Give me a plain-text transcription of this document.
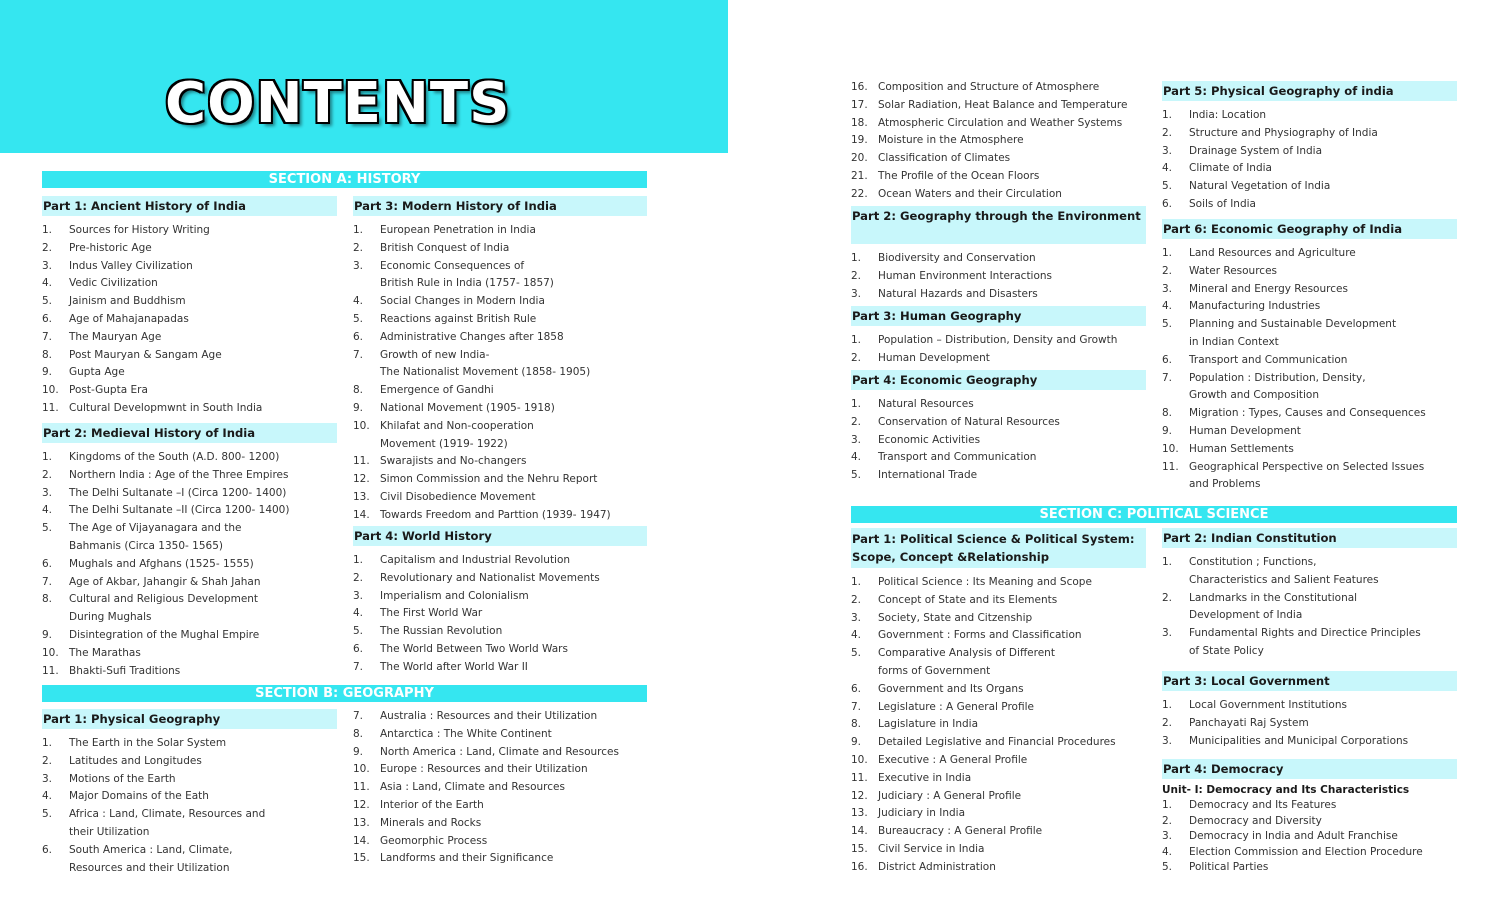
CONTENTS
SECTION A: HISTORY
Part 1: Ancient History of India
1.	Sources for History Writing
2.	Pre-historic Age
3.	Indus Valley Civilization
4.	Vedic Civilization
5.	Jainism and Buddhism
6.	Age of Mahajanapadas
7.	The Mauryan Age
8.	Post Mauryan & Sangam Age
9.	Gupta Age
10. Post-Gupta Era
11. Cultural Developmwnt in South India
Part 2: Medieval History of India
1.	Kingdoms of the South (A.D. 800- 1200)
2.	Northern India : Age of the Three Empires
3.	The Delhi Sultanate –I (Circa 1200- 1400)
4.	The Delhi Sultanate –II (Circa 1200- 1400)
5.	The Age of Vijayanagara and the
Bahmanis (Circa 1350- 1565)
6.	Mughals and Afghans (1525- 1555)
7.	Age of Akbar, Jahangir & Shah Jahan
8.	Cultural and Religious Development
During Mughals
9.	Disintegration of the Mughal Empire
10. The Marathas
11. Bhakti-Sufi Traditions
Part 3: Modern History of India
1.	European Penetration in India
2.	British Conquest of India
3.	Economic Consequences of
British Rule in India (1757- 1857)
4.	Social Changes in Modern India
5.	Reactions against British Rule
6.	Administrative Changes after 1858
7.	Growth of new India-
The Nationalist Movement (1858- 1905)
8.	Emergence of Gandhi
9.	National Movement (1905- 1918)
10. Khilafat and Non-cooperation
Movement (1919- 1922)
11. Swarajists and No-changers
12. Simon Commission and the Nehru Report
13. Civil Disobedience Movement
14. Towards Freedom and Parttion (1939- 1947)
Part 4: World History
1.	Capitalism and Industrial Revolution
2.	Revolutionary and Nationalist Movements
3.	Imperialism and Colonialism
4.	The First World War
5.	The Russian Revolution
6.	The World Between Two World Wars
7.	The World after World War II
SECTION B: GEOGRAPHY
Part 1: Physical Geography
1.	The Earth in the Solar System
2.	Latitudes and Longitudes
3.	Motions of the Earth
4.	Major Domains of the Eath
5.	Africa : Land, Climate, Resources and
their Utilization
6.	South America : Land, Climate,
Resources and their Utilization
7.	Australia : Resources and their Utilization
8.	Antarctica : The White Continent
9.	North America : Land, Climate and Resources
10. Europe : Resources and their Utilization
11. Asia : Land, Climate and Resources
12. Interior of the Earth
13. Minerals and Rocks
14. Geomorphic Process
15. Landforms and their Significance
16. Composition and Structure of Atmosphere
17. Solar Radiation, Heat Balance and Temperature
18. Atmospheric Circulation and Weather Systems
19. Moisture in the Atmosphere
20. Classification of Climates
21. The Profile of the Ocean Floors
22. Ocean Waters and their Circulation
Part 2: Geography through the Environment
1.	Biodiversity and Conservation
2.	Human Environment Interactions
3.	Natural Hazards and Disasters
Part 3: Human Geography
1.	Population – Distribution, Density and Growth
2.	Human Development
Part 4: Economic Geography
1.	Natural Resources
2.	Conservation of Natural Resources
3.	Economic Activities
4.	Transport and Communication
5.	International Trade
Part 5: Physical Geography of india
1.	India: Location
2.	Structure and Physiography of India
3.	Drainage System of India
4.	Climate of India
5.	Natural Vegetation of India
6.	Soils of India
Part 6: Economic Geography of India
1.	Land Resources and Agriculture
2.	Water Resources
3.	Mineral and Energy Resources
4.	Manufacturing Industries
5.	Planning and Sustainable Development
in Indian Context
6.	Transport and Communication
7.	Population : Distribution, Density,
Growth and Composition
8.	Migration : Types, Causes and Consequences
9.	Human Development
10. Human Settlements
11. Geographical Perspective on Selected Issues
and Problems
SECTION C: POLITICAL SCIENCE
Part 1: Political Science & Political System: Scope, Concept &Relationship
1.	Political Science : Its Meaning and Scope
2.	Concept of State and its Elements
3.	Society, State and Citzenship
4.	Government : Forms and Classification
5.	Comparative Analysis of Different
forms of Government
6.	Government and Its Organs
7.	Legislature : A General Profile
8.	Lagislature in India
9.	Detailed Legislative and Financial Procedures
10. Executive : A General Profile
11. Executive in India
12. Judiciary : A General Profile
13. Judiciary in India
14. Bureaucracy : A General Profile
15. Civil Service in India
16. District Administration
Part 2: Indian Constitution
1.	Constitution ; Functions,
Characteristics and Salient Features
2.	Landmarks in the Constitutional
Development of India
3.	Fundamental Rights and Directice Principles
of State Policy
Part 3: Local Government
1.	Local Government Institutions
2.	Panchayati Raj System
3.	Municipalities and Municipal Corporations
Part 4: Democracy
Unit- I: Democracy and Its Characteristics
1.	Democracy and Its Features
2.	Democracy and Diversity
3.	Democracy in India and Adult Franchise
4.	Election Commission and Election Procedure
5.	Political Parties
